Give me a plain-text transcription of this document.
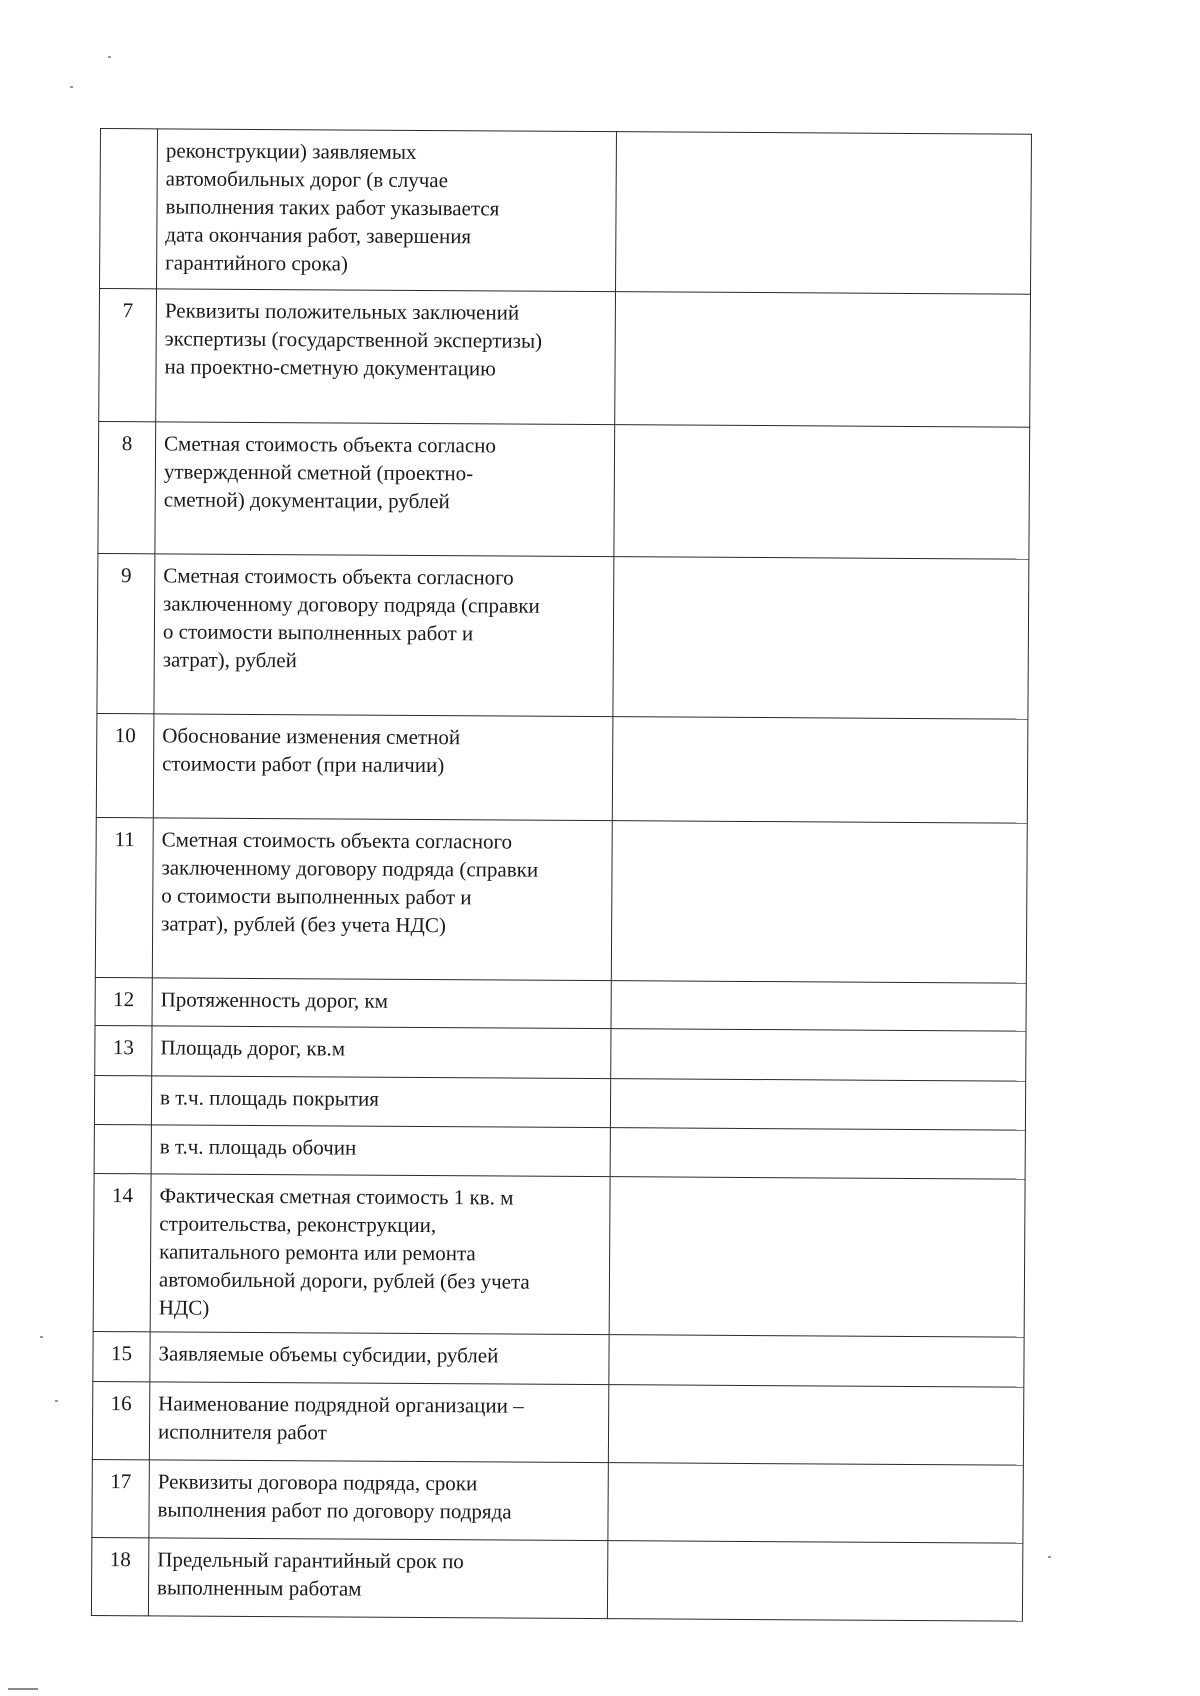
	реконструкции) заявляемых
автомобильных дорог (в случае
выполнения таких работ указывается
дата окончания работ, завершения
гарантийного срока)	
7	Реквизиты положительных заключений
экспертизы (государственной экспертизы)
на проектно-сметную документацию	
8	Сметная стоимость объекта согласно
утвержденной сметной (проектно-
сметной) документации, рублей	
9	Сметная стоимость объекта согласного
заключенному договору подряда (справки
о стоимости выполненных работ и
затрат), рублей	
10	Обоснование изменения сметной
стоимости работ (при наличии)	
11	Сметная стоимость объекта согласного
заключенному договору подряда (справки
о стоимости выполненных работ и
затрат), рублей (без учета НДС)	
12	Протяженность дорог, км	
13	Площадь дорог, кв.м	
	в т.ч. площадь покрытия	
	в т.ч. площадь обочин	
14	Фактическая сметная стоимость 1 кв. м
строительства, реконструкции,
капитального ремонта или ремонта
автомобильной дороги, рублей (без учета
НДС)	
15	Заявляемые объемы субсидии, рублей	
16	Наименование подрядной организации –
исполнителя работ	
17	Реквизиты договора подряда, сроки
выполнения работ по договору подряда	
18	Предельный гарантийный срок по
выполненным работам	
